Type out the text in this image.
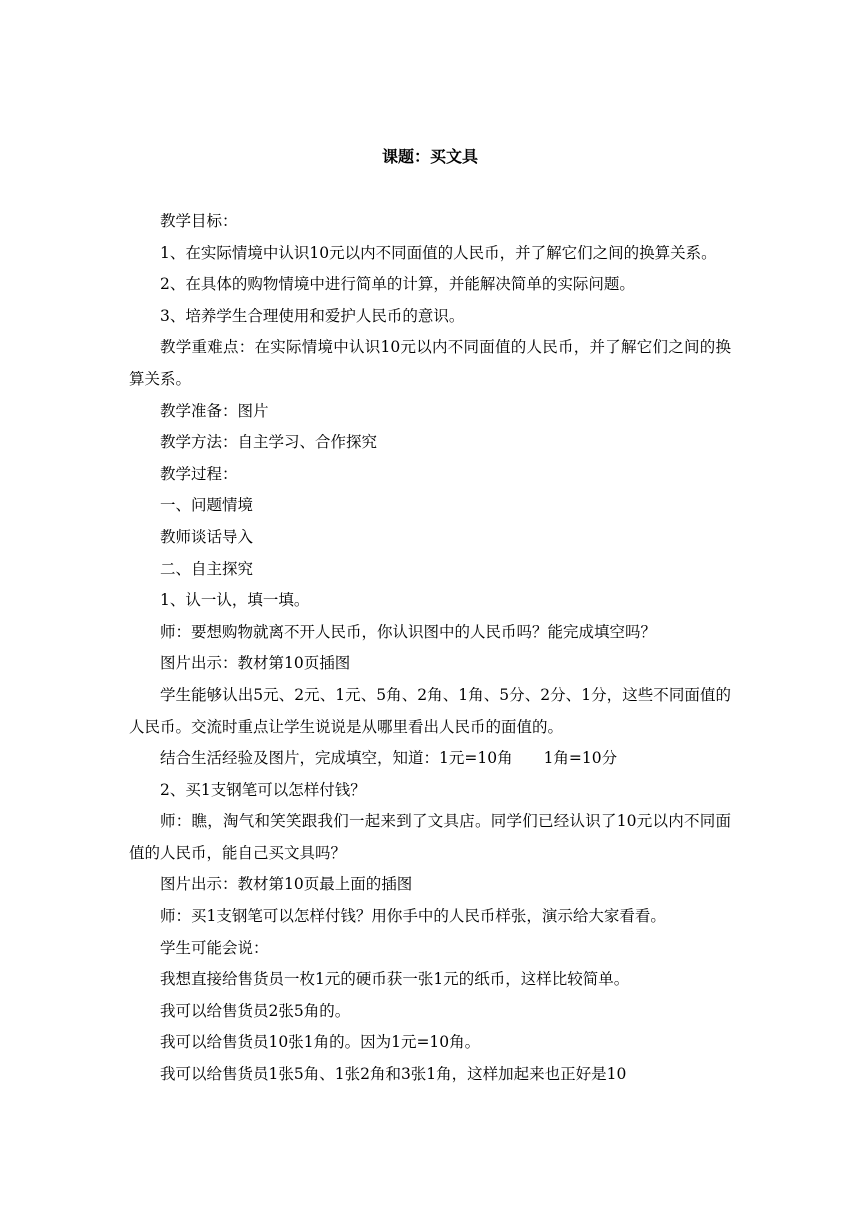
课题：买文具

教学目标：

1、在实际情境中认识10元以内不同面值的人民币，并了解它们之间的换算关系。

2、在具体的购物情境中进行简单的计算，并能解决简单的实际问题。

3、培养学生合理使用和爱护人民币的意识。

教学重难点：在实际情境中认识10元以内不同面值的人民币，并了解它们之间的换算关系。

教学准备：图片

教学方法：自主学习、合作探究

教学过程：

一、问题情境

教师谈话导入

二、自主探究

1、认一认，填一填。

师：要想购物就离不开人民币，你认识图中的人民币吗？能完成填空吗？

图片出示：教材第10页插图

学生能够认出5元、2元、1元、5角、2角、1角、5分、2分、1分，这些不同面值的人民币。交流时重点让学生说说是从哪里看出人民币的面值的。

结合生活经验及图片，完成填空，知道：1元=10角　　1角=10分

2、买1支钢笔可以怎样付钱？

师：瞧，淘气和笑笑跟我们一起来到了文具店。同学们已经认识了10元以内不同面值的人民币，能自己买文具吗？

图片出示：教材第10页最上面的插图

师：买1支钢笔可以怎样付钱？用你手中的人民币样张，演示给大家看看。

学生可能会说：

我想直接给售货员一枚1元的硬币获一张1元的纸币，这样比较简单。

我可以给售货员2张5角的。

我可以给售货员10张1角的。因为1元=10角。

我可以给售货员1张5角、1张2角和3张1角，这样加起来也正好是10
